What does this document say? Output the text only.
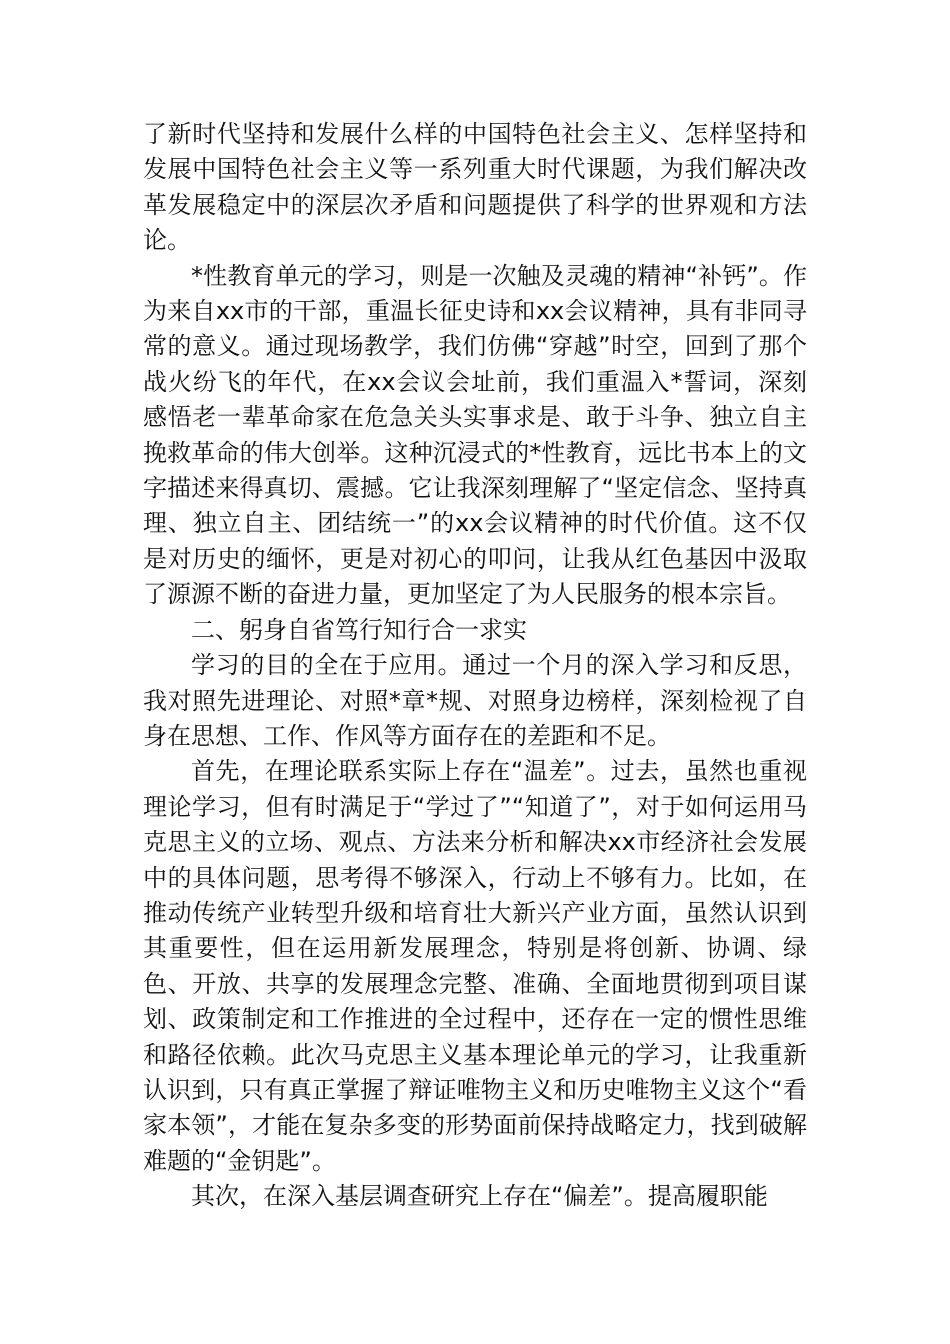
了新时代坚持和发展什么样的中国特色社会主义、怎样坚持和发展中国特色社会主义等一系列重大时代课题，为我们解决改革发展稳定中的深层次矛盾和问题提供了科学的世界观和方法论。

*性教育单元的学习，则是一次触及灵魂的精神“补钙”。作为来自xx市的干部，重温长征史诗和xx会议精神，具有非同寻常的意义。通过现场教学，我们仿佛“穿越”时空，回到了那个战火纷飞的年代，在xx会议会址前，我们重温入*誓词，深刻感悟老一辈革命家在危急关头实事求是、敢于斗争、独立自主挽救革命的伟大创举。这种沉浸式的*性教育，远比书本上的文字描述来得真切、震撼。它让我深刻理解了“坚定信念、坚持真理、独立自主、团结统一”的xx会议精神的时代价值。这不仅是对历史的缅怀，更是对初心的叩问，让我从红色基因中汲取了源源不断的奋进力量，更加坚定了为人民服务的根本宗旨。

二、躬身自省笃行知行合一求实

学习的目的全在于应用。通过一个月的深入学习和反思，我对照先进理论、对照*章*规、对照身边榜样，深刻检视了自身在思想、工作、作风等方面存在的差距和不足。

首先，在理论联系实际上存在“温差”。过去，虽然也重视理论学习，但有时满足于“学过了”“知道了”，对于如何运用马克思主义的立场、观点、方法来分析和解决xx市经济社会发展中的具体问题，思考得不够深入，行动上不够有力。比如，在推动传统产业转型升级和培育壮大新兴产业方面，虽然认识到其重要性，但在运用新发展理念，特别是将创新、协调、绿色、开放、共享的发展理念完整、准确、全面地贯彻到项目谋划、政策制定和工作推进的全过程中，还存在一定的惯性思维和路径依赖。此次马克思主义基本理论单元的学习，让我重新认识到，只有真正掌握了辩证唯物主义和历史唯物主义这个“看家本领”，才能在复杂多变的形势面前保持战略定力，找到破解难题的“金钥匙”。

其次，在深入基层调查研究上存在“偏差”。提高履职能
